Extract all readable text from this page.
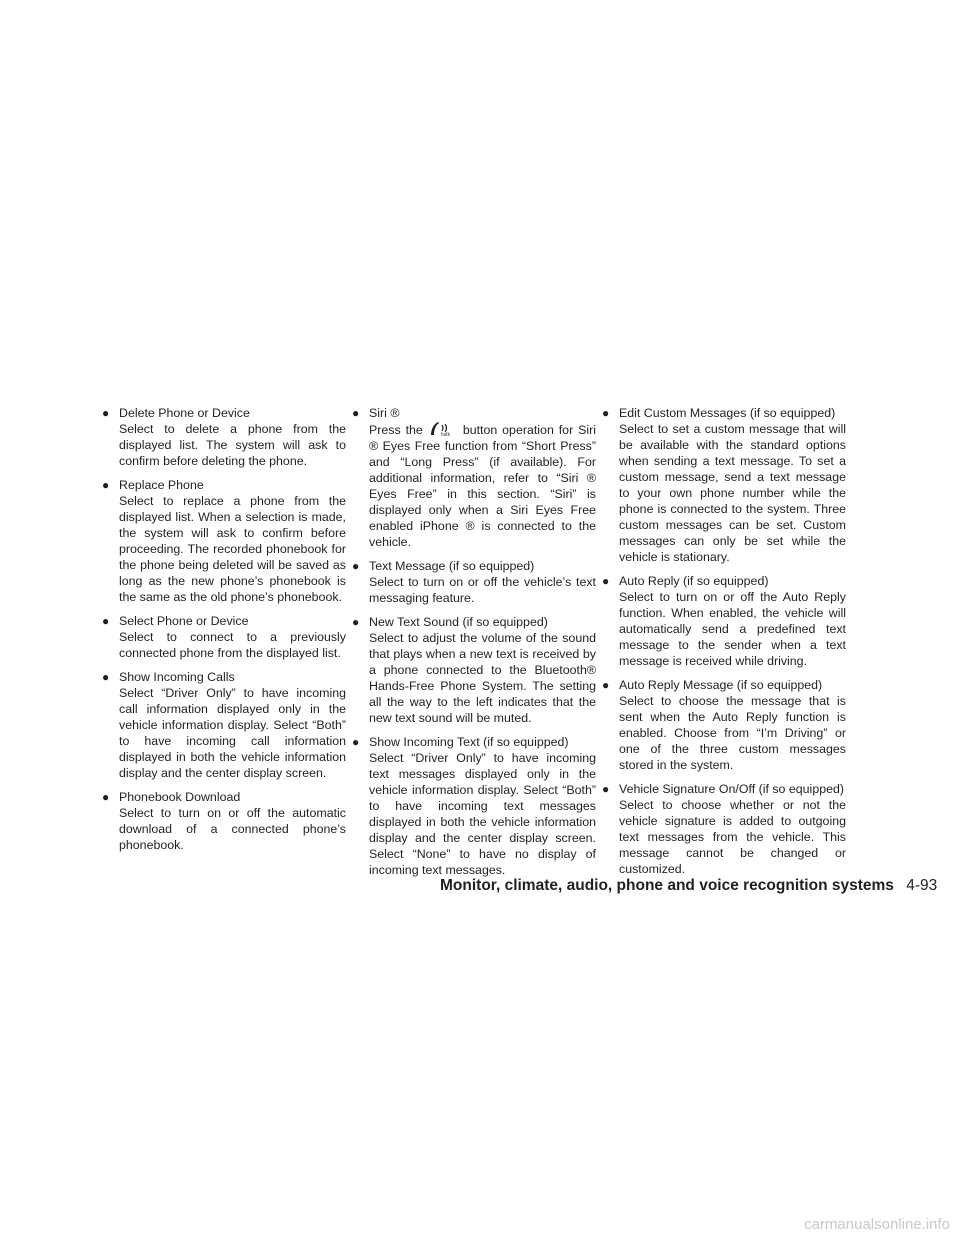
● Delete Phone or Device
Select to delete a phone from the displayed list. The system will ask to confirm before deleting the phone.
● Replace Phone
Select to replace a phone from the displayed list. When a selection is made, the system will ask to confirm before proceeding. The recorded phonebook for the phone being deleted will be saved as long as the new phone’s phonebook is the same as the old phone’s phonebook.
● Select Phone or Device
Select to connect to a previously connected phone from the displayed list.
● Show Incoming Calls
Select “Driver Only” to have incoming call information displayed only in the vehicle information display. Select “Both” to have incoming call information displayed in both the vehicle information display and the center display screen.
● Phonebook Download
Select to turn on or off the automatic download of a connected phone’s phonebook.
● Siri ®
Press the	talk button operation for Siri ® Eyes Free function from “Short Press” and “Long Press” (if available). For additional information, refer to “Siri ® Eyes Free” in this section. “Siri” is displayed only when a Siri Eyes Free enabled iPhone ® is connected to the vehicle.
● Text Message (if so equipped)
Select to turn on or off the vehicle’s text messaging feature.
● New Text Sound (if so equipped)
Select to adjust the volume of the sound that plays when a new text is received by a phone connected to the Bluetooth® Hands-Free Phone System. The setting all the way to the left indicates that the new text sound will be muted.
● Show Incoming Text (if so equipped)
Select “Driver Only” to have incoming text messages displayed only in the vehicle information display. Select “Both” to have incoming text messages displayed in both the vehicle information display and the center display screen. Select “None” to have no display of incoming text messages.
● Edit Custom Messages (if so equipped)
Select to set a custom message that will be available with the standard options when sending a text message. To set a custom message, send a text message to your own phone number while the phone is connected to the system. Three custom messages can be set. Custom messages can only be set while the vehicle is stationary.
● Auto Reply (if so equipped)
Select to turn on or off the Auto Reply function. When enabled, the vehicle will automatically send a predefined text message to the sender when a text message is received while driving.
● Auto Reply Message (if so equipped)
Select to choose the message that is sent when the Auto Reply function is enabled. Choose from “I’m Driving” or one of the three custom messages stored in the system.
● Vehicle Signature On/Off (if so equipped)
Select to choose whether or not the vehicle signature is added to outgoing text messages from the vehicle. This message cannot be changed or customized.
Monitor, climate, audio, phone and voice recognition systems 4-93
carmanualsonline.info
